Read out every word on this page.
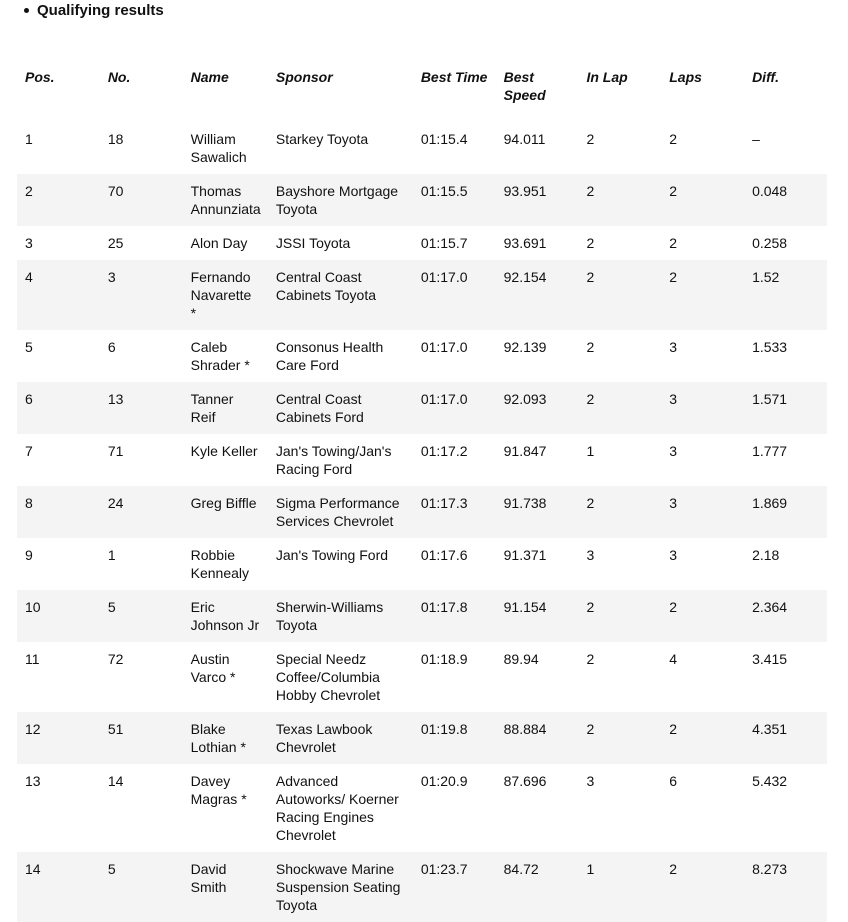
Qualifying results
Pos.	No.	Name	Sponsor	Best Time	Best Speed	In Lap	Laps	Diff.
1	18	William Sawalich	Starkey Toyota	01:15.4	94.011	2	2	–
2	70	Thomas Annunziata	Bayshore Mortgage Toyota	01:15.5	93.951	2	2	0.048
3	25	Alon Day	JSSI Toyota	01:15.7	93.691	2	2	0.258
4	3	Fernando Navarette *	Central Coast Cabinets Toyota	01:17.0	92.154	2	2	1.52
5	6	Caleb Shrader *	Consonus Health Care Ford	01:17.0	92.139	2	3	1.533
6	13	Tanner Reif	Central Coast Cabinets Ford	01:17.0	92.093	2	3	1.571
7	71	Kyle Keller	Jan's Towing/Jan's Racing Ford	01:17.2	91.847	1	3	1.777
8	24	Greg Biffle	Sigma Performance Services Chevrolet	01:17.3	91.738	2	3	1.869
9	1	Robbie Kennealy	Jan's Towing Ford	01:17.6	91.371	3	3	2.18
10	5	Eric Johnson Jr	Sherwin-Williams Toyota	01:17.8	91.154	2	2	2.364
11	72	Austin Varco *	Special Needz Coffee/Columbia Hobby Chevrolet	01:18.9	89.94	2	4	3.415
12	51	Blake Lothian *	Texas Lawbook Chevrolet	01:19.8	88.884	2	2	4.351
13	14	Davey Magras *	Advanced Autoworks/ Koerner Racing Engines Chevrolet	01:20.9	87.696	3	6	5.432
14	5	David Smith	Shockwave Marine Suspension Seating Toyota	01:23.7	84.72	1	2	8.273
